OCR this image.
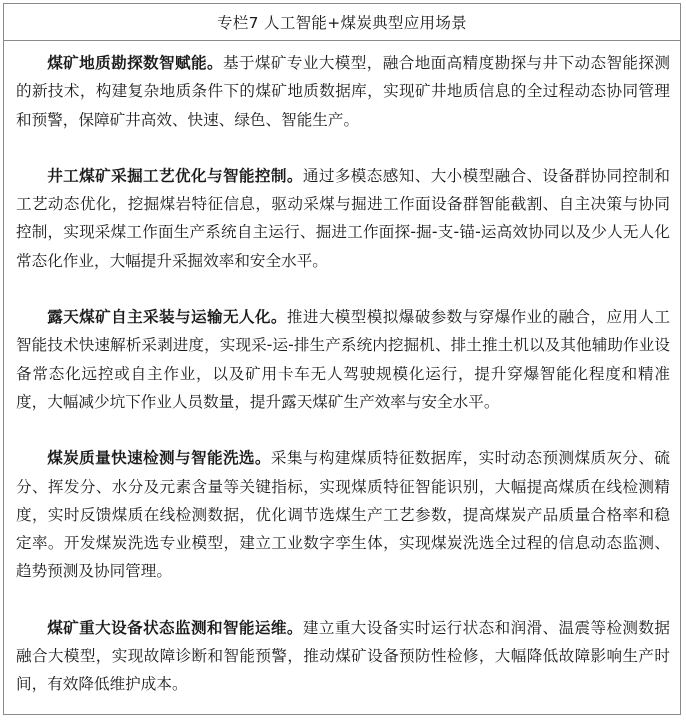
专栏7 人工智能+煤炭典型应用场景

煤矿地质勘探数智赋能。基于煤矿专业大模型，融合地面高精度勘探与井下动态智能探测的新技术，构建复杂地质条件下的煤矿地质数据库，实现矿井地质信息的全过程动态协同管理和预警，保障矿井高效、快速、绿色、智能生产。

井工煤矿采掘工艺优化与智能控制。通过多模态感知、大小模型融合、设备群协同控制和工艺动态优化，挖掘煤岩特征信息，驱动采煤与掘进工作面设备群智能截割、自主决策与协同控制，实现采煤工作面生产系统自主运行、掘进工作面探-掘-支-锚-运高效协同以及少人无人化常态化作业，大幅提升采掘效率和安全水平。

露天煤矿自主采装与运输无人化。推进大模型模拟爆破参数与穿爆作业的融合，应用人工智能技术快速解析采剥进度，实现采-运-排生产系统内挖掘机、排土推土机以及其他辅助作业设备常态化远控或自主作业，以及矿用卡车无人驾驶规模化运行，提升穿爆智能化程度和精准度，大幅减少坑下作业人员数量，提升露天煤矿生产效率与安全水平。

煤炭质量快速检测与智能洗选。采集与构建煤质特征数据库，实时动态预测煤质灰分、硫分、挥发分、水分及元素含量等关键指标，实现煤质特征智能识别，大幅提高煤质在线检测精度，实时反馈煤质在线检测数据，优化调节选煤生产工艺参数，提高煤炭产品质量合格率和稳定率。开发煤炭洗选专业模型，建立工业数字孪生体，实现煤炭洗选全过程的信息动态监测、趋势预测及协同管理。

煤矿重大设备状态监测和智能运维。建立重大设备实时运行状态和润滑、温震等检测数据融合大模型，实现故障诊断和智能预警，推动煤矿设备预防性检修，大幅降低故障影响生产时间，有效降低维护成本。
